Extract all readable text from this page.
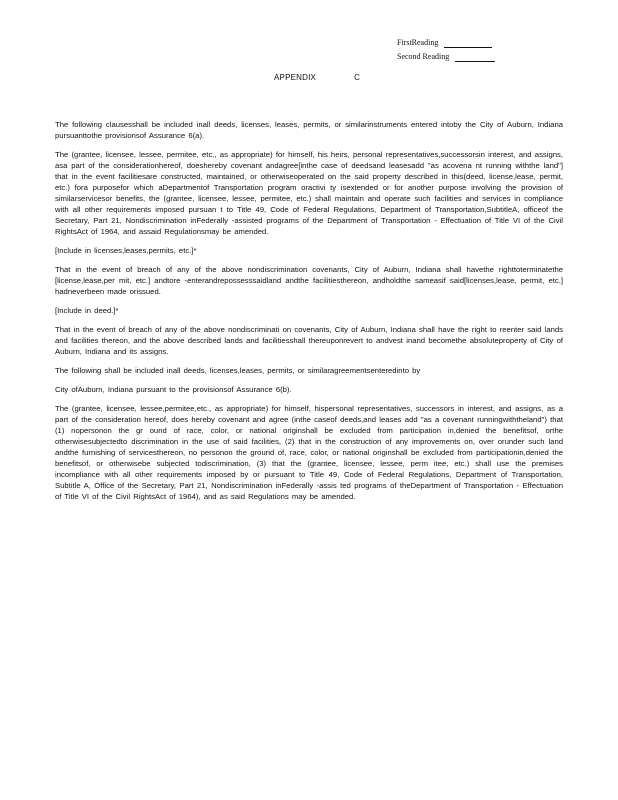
FirstReading
Second Reading
APPENDIX	C

The following clausesshall be included inall deeds, licenses, leases, permits, or similarinstruments entered intoby the City of Auburn, Indiana pursuanttothe provisionsof Assurance 6(a).

The (grantee, licensee, lessee, permitee, etc., as appropriate) for himself, his heirs, personal representatives,successorsin interest, and assigns, asa part of the considerationhereof, doeshereby covenant andagree[inthe case of deedsand leasesadd "as acovena nt running withthe land"] that in the event facilitiesare constructed, maintained, or otherwiseoperated on the said property described in this(deed, license,lease, permit, etc.) fora purposefor which aDepartmentof Transportation program oractivi ty isextended or for another purpose involving the provision of similarservicesor benefits, the (grantee, licensee, lessee, permitee, etc.) shall maintain and operate such facilities and services in compliance with all other requirements imposed pursuan t to Title 49, Code of Federal Regulations, Department of Transportation,SubtitleA, officeof the Secretary, Part 21, Nondiscrimination inFederally -assisted programs of the Department of Transportation - Effectuation of Title VI of the Civil RightsAct of 1964, and assaid Regulationsmay be amended.

[Include in licenses,leases,permits, etc.]*

That in the event of breach of any of the above nondiscrimination covenants, City of Auburn, Indiana shall havethe righttoterminatethe [license,lease,per mit, etc.] andtore -enterandrepossesssaidland andthe facilitiesthereon, andholdthe sameasif said[licenses,lease, permit, etc.] hadneverbeen made orissued.

[Include in deed.]*

That in the event of breach of any of the above nondiscriminati on covenants, City of Auburn, Indiana shall have the right to reenter said lands and facilities thereon, and the above described lands and facilitiesshall thereuponrevert to andvest inand becomethe absoluteproperty of City of Auburn, Indiana and its assigns.

The following shall be included inall deeds, licenses,leases, permits, or similaragreementsenteredinto by

City ofAuburn, Indiana pursuant to the provisionsof Assurance 6(b).

The (grantee, licensee, lessee,permitee,etc., as appropriate) for himself, hispersonal representatives, successors in interest, and assigns, as a part of the consideration hereof, does hereby covenant and agree (inthe caseof deeds,and leases add "as a covenant runningwiththeland") that (1) nopersonon the gr ound of race, color, or national originshall be excluded from participation in,denied the benefitsof, orthe otherwisesubjectedto discrimination in the use of said facilities, (2) that in the construction of any improvements on, over orunder such land andthe furnishing of servicesthereon, no personon the ground of, race, color, or national originshall be excluded from participationin,denied the benefitsof, or otherwisebe subjected todiscrimination, (3) that the (grantee, licensee, lessee, perm itee, etc.) shall use the premises incompliance with all other requirements imposed by or pursuant to Title 49, Code of Federal Regulations, Department of Transportation, Subtitle A, Office of the Secretary, Part 21, Nondiscrimination inFederally -assis ted programs of theDepartment of Transportation - Effectuation of Title VI of the Civil RightsAct of 1964), and as said Regulations may be amended.
